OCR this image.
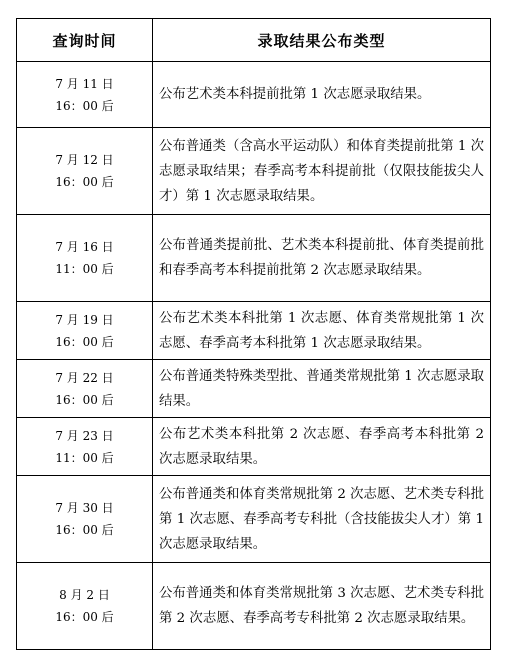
查询时间	录取结果公布类型

7 月 11 日
16：00 后	公布艺术类本科提前批第 1 次志愿录取结果。

7 月 12 日
16：00 后	公布普通类（含高水平运动队）和体育类提前批第 1 次志愿录取结果；春季高考本科提前批（仅限技能拔尖人才）第 1 次志愿录取结果。

7 月 16 日
11：00 后	公布普通类提前批、艺术类本科提前批、体育类提前批和春季高考本科提前批第 2 次志愿录取结果。

7 月 19 日
16：00 后	公布艺术类本科批第 1 次志愿、体育类常规批第 1 次志愿、春季高考本科批第 1 次志愿录取结果。

7 月 22 日
16：00 后	公布普通类特殊类型批、普通类常规批第 1 次志愿录取结果。

7 月 23 日
11：00 后	公布艺术类本科批第 2 次志愿、春季高考本科批第 2 次志愿录取结果。

7 月 30 日
16：00 后	公布普通类和体育类常规批第 2 次志愿、艺术类专科批第 1 次志愿、春季高考专科批（含技能拔尖人才）第 1 次志愿录取结果。

8 月 2 日
16：00 后	公布普通类和体育类常规批第 3 次志愿、艺术类专科批第 2 次志愿、春季高考专科批第 2 次志愿录取结果。
